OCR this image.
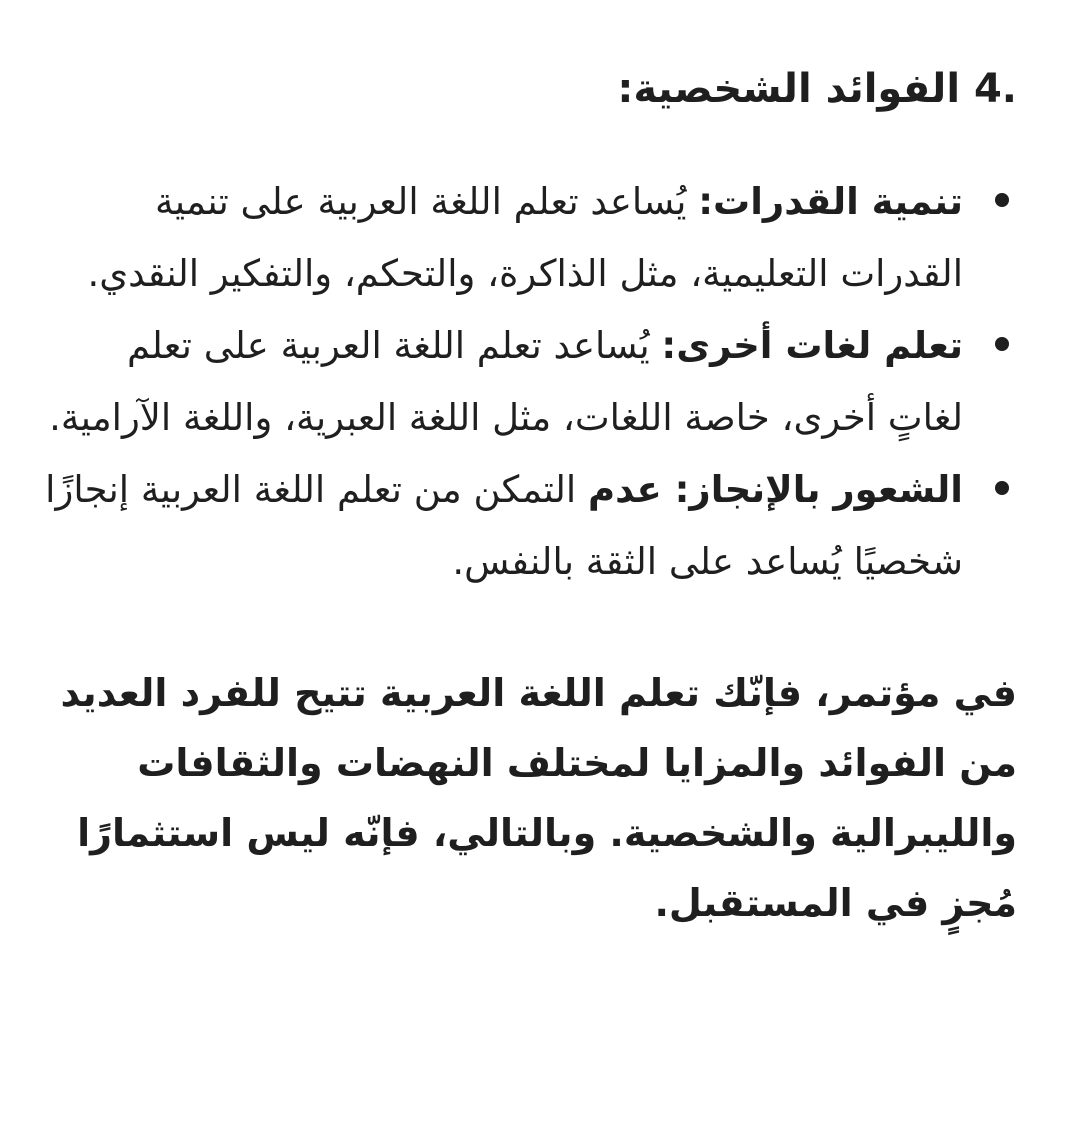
.4 الفوائد الشخصية:
تنمية القدرات: يُساعد تعلم اللغة العربية على تنمية القدرات التعليمية، مثل الذاكرة، والتحكم، والتفكير النقدي.
تعلم لغات أخرى: يُساعد تعلم اللغة العربية على تعلم لغاتٍ أخرى، خاصة اللغات، مثل اللغة العبرية، واللغة الآرامية.
الشعور بالإنجاز: عدم التمكن من تعلم اللغة العربية إنجازًا شخصيًا يُساعد على الثقة بالنفس.

في مؤتمر، فإنّك تعلم اللغة العربية تتيح للفرد العديد من الفوائد والمزايا لمختلف النهضات والثقافات والليبرالية والشخصية. وبالتالي، فإنّه ليس استثمارًا مُجزٍ في المستقبل.
